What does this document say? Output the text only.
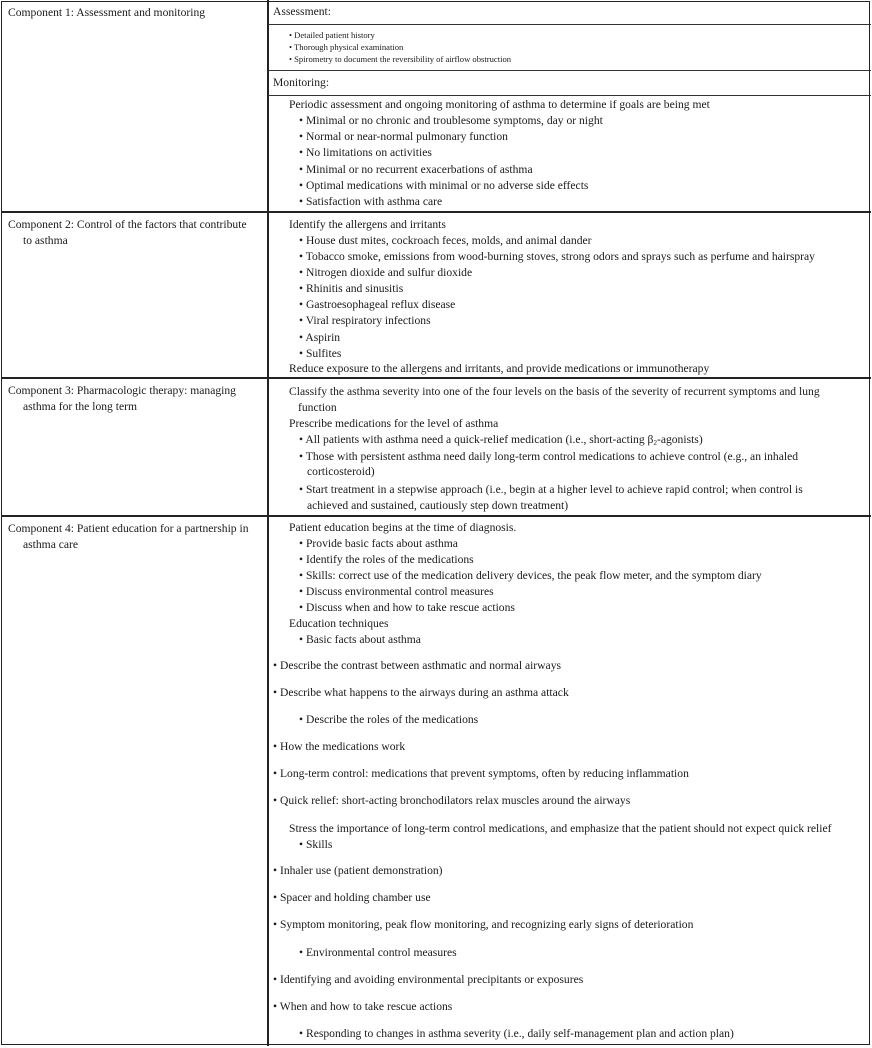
Component 1: Assessment and monitoring	Assessment:
• Detailed patient history
• Thorough physical examination
• Spirometry to document the reversibility of airflow obstruction
Monitoring:
Periodic assessment and ongoing monitoring of asthma to determine if goals are being met
• Minimal or no chronic and troublesome symptoms, day or night
• Normal or near-normal pulmonary function
• No limitations on activities
• Minimal or no recurrent exacerbations of asthma
• Optimal medications with minimal or no adverse side effects
• Satisfaction with asthma care
Component 2: Control of the factors that contribute
to asthma
Identify the allergens and irritants
• House dust mites, cockroach feces, molds, and animal dander
• Tobacco smoke, emissions from wood-burning stoves, strong odors and sprays such as perfume and hairspray
• Nitrogen dioxide and sulfur dioxide
• Rhinitis and sinusitis
• Gastroesophageal reflux disease
• Viral respiratory infections
• Aspirin
• Sulfites
Reduce exposure to the allergens and irritants, and provide medications or immunotherapy
Component 3: Pharmacologic therapy: managing
asthma for the long term
Classify the asthma severity into one of the four levels on the basis of the severity of recurrent symptoms and lung
function
Prescribe medications for the level of asthma
• All patients with asthma need a quick-relief medication (i.e., short-acting $\beta_2-agonists$)
• Those with persistent asthma need daily long-term control medications to achieve control (e.g., an inhaled
corticosteroid)
• Start treatment in a stepwise approach (i.e., begin at a higher level to achieve rapid control; when control is
achieved and sustained, cautiously step down treatment)
Component 4: Patient education for a partnership in
asthma care
Patient education begins at the time of diagnosis.
• Provide basic facts about asthma
• Identify the roles of the medications
• Skills: correct use of the medication delivery devices, the peak flow meter, and the symptom diary
• Discuss environmental control measures
• Discuss when and how to take rescue actions
Education techniques
• Basic facts about asthma
• Describe the contrast between asthmatic and normal airways
• Describe what happens to the airways during an asthma attack
• Describe the roles of the medications
• How the medications work
• Long-term control: medications that prevent symptoms, often by reducing inflammation
• Quick relief: short-acting bronchodilators relax muscles around the airways
Stress the importance of long-term control medications, and emphasize that the patient should not expect quick relief
• Skills
• Inhaler use (patient demonstration)
• Spacer and holding chamber use
• Symptom monitoring, peak flow monitoring, and recognizing early signs of deterioration
• Environmental control measures
• Identifying and avoiding environmental precipitants or exposures
• When and how to take rescue actions
• Responding to changes in asthma severity (i.e., daily self-management plan and action plan)
